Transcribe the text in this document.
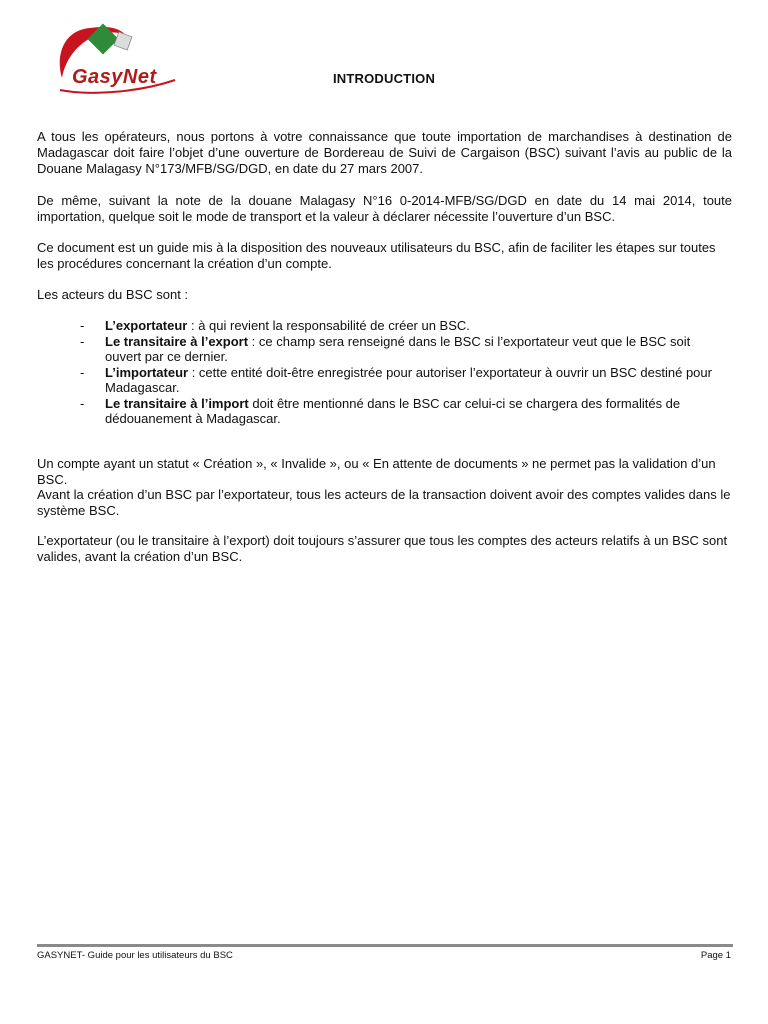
GasyNet	INTRODUCTION
A tous les opérateurs, nous portons à votre connaissance que toute importation de marchandises à destination de Madagascar doit faire l’objet d’une ouverture de Bordereau de Suivi de Cargaison (BSC) suivant l’avis au public de la Douane Malagasy N°173/MFB/SG/DGD, en date du 27 mars 2007.
De même, suivant la note de la douane Malagasy N°16 0-2014-MFB/SG/DGD en date du 14 mai 2014, toute importation, quelque soit le mode de transport et la valeur à déclarer nécessite l’ouverture d’un BSC.
Ce document est un guide mis à la disposition des nouveaux utilisateurs du BSC, afin de faciliter les étapes sur toutes les procédures concernant la création d’un compte.
Les acteurs du BSC sont :
- L’exportateur : à qui revient la responsabilité de créer un BSC.
- Le transitaire à l’export : ce champ sera renseigné dans le BSC si l’exportateur veut que le BSC soit ouvert par ce dernier.
- L’importateur : cette entité doit-être enregistrée pour autoriser l’exportateur à ouvrir un BSC destiné pour Madagascar.
- Le transitaire à l’import doit être mentionné dans le BSC car celui-ci se chargera des formalités de dédouanement à Madagascar.
Un compte ayant un statut « Création », « Invalide », ou « En attente de documents » ne permet pas la validation d’un BSC.
Avant la création d’un BSC par l’exportateur, tous les acteurs de la transaction doivent avoir des comptes valides dans le système BSC.
L’exportateur (ou le transitaire à l’export) doit toujours s’assurer que tous les comptes des acteurs relatifs à un BSC sont valides, avant la création d’un BSC.
GASYNET- Guide pour les utilisateurs du BSC	Page 1
